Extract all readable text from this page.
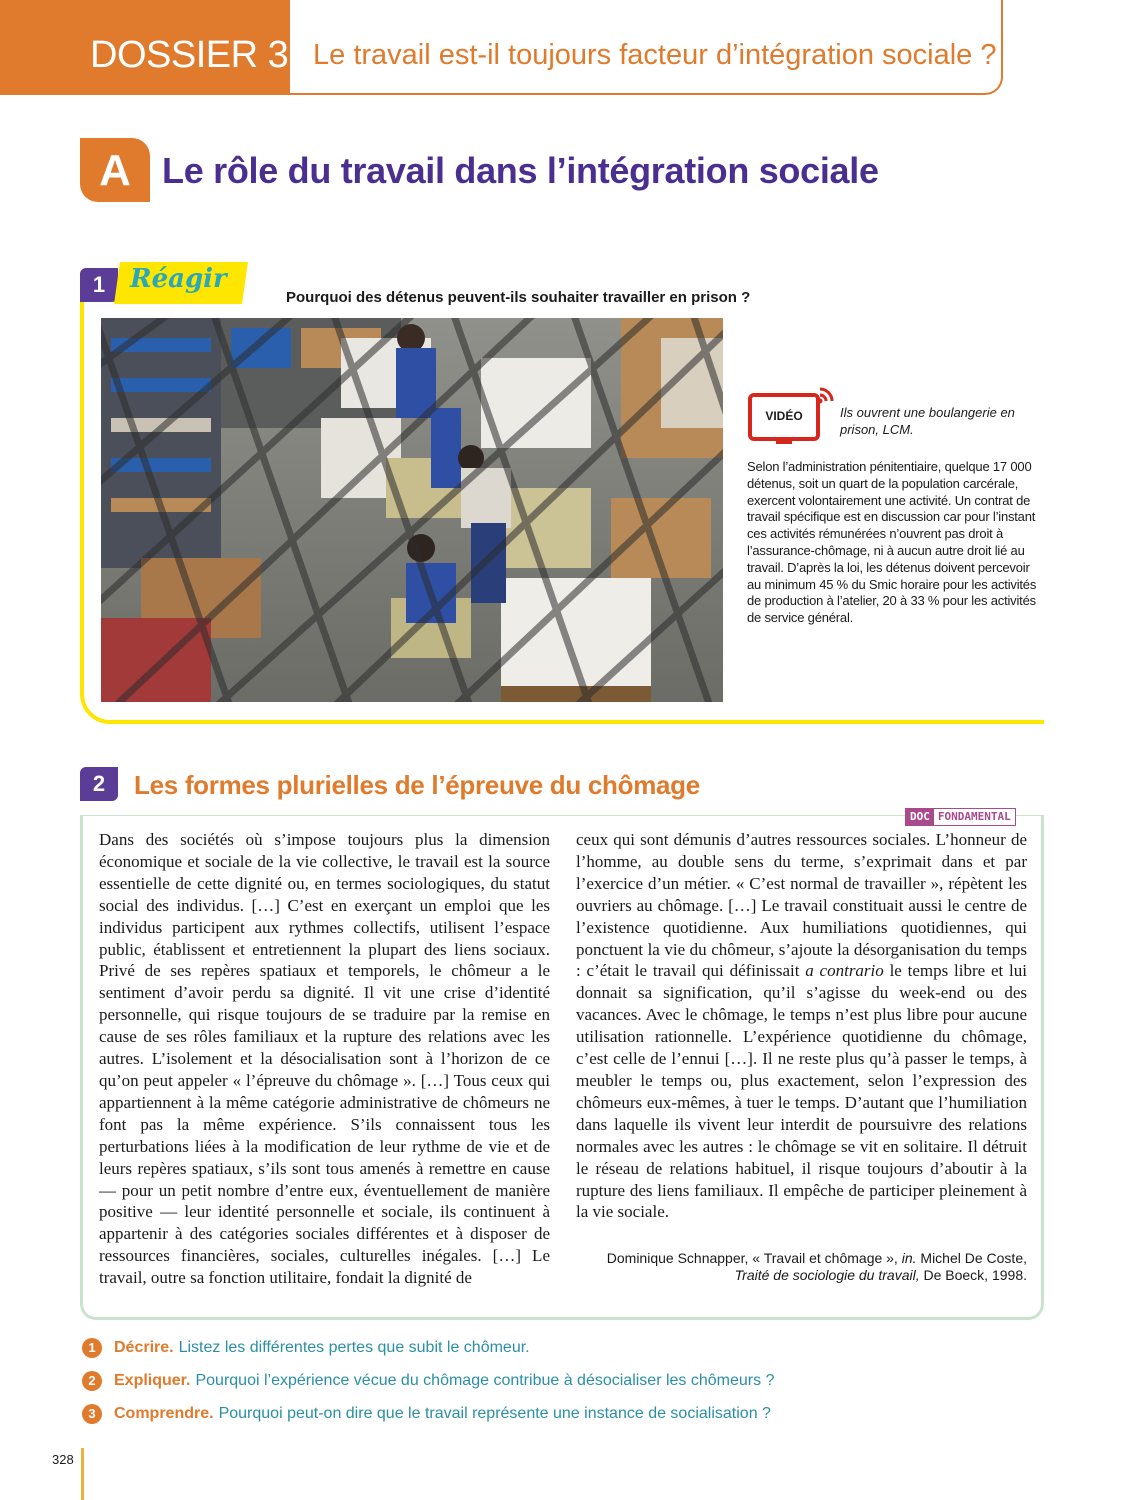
DOSSIER 3 Le travail est-il toujours facteur d’intégration sociale ?
A Le rôle du travail dans l’intégration sociale
1 Réagir
Pourquoi des détenus peuvent-ils souhaiter travailler en prison ?
VIDÉO	Ils ouvrent une boulangerie en prison, LCM.
Selon l’administration pénitentiaire, quelque 17 000 détenus, soit un quart de la population carcérale, exercent volontairement une activité. Un contrat de travail spécifique est en discussion car pour l’instant ces activités rémunérées n’ouvrent pas droit à l’assurance-chômage, ni à aucun autre droit lié au travail. D’après la loi, les détenus doivent percevoir au minimum 45 % du Smic horaire pour les activités de production à l’atelier, 20 à 33 % pour les activités de service général.
2	Les formes plurielles de l’épreuve du chômage
DOC FONDAMENTAL
Dans des sociétés où s’impose toujours plus la dimension économique et sociale de la vie collective, le travail est la source essentielle de cette dignité ou, en termes sociologiques, du statut social des individus. […] C’est en exerçant un emploi que les individus participent aux rythmes collectifs, utilisent l’espace public, établissent et entretiennent la plupart des liens sociaux. Privé de ses repères spatiaux et temporels, le chômeur a le sentiment d’avoir perdu sa dignité. Il vit une crise d’identité personnelle, qui risque toujours de se traduire par la remise en cause de ses rôles familiaux et la rupture des relations avec les autres. L’isolement et la désocialisation sont à l’horizon de ce qu’on peut appeler « l’épreuve du chômage ». […] Tous ceux qui appartiennent à la même catégorie administrative de chômeurs ne font pas la même expérience. S’ils connaissent tous les perturbations liées à la modification de leur rythme de vie et de leurs repères spatiaux, s’ils sont tous amenés à remettre en cause — pour un petit nombre d’entre eux, éventuellement de manière positive — leur identité personnelle et sociale, ils continuent à appartenir à des catégories sociales différentes et à disposer de ressources financières, sociales, culturelles inégales. […] Le travail, outre sa fonction utilitaire, fondait la dignité de
ceux qui sont démunis d’autres ressources sociales. L’honneur de l’homme, au double sens du terme, s’exprimait dans et par l’exercice d’un métier. « C’est normal de travailler », répètent les ouvriers au chômage. […] Le travail constituait aussi le centre de l’existence quotidienne. Aux humiliations quotidiennes, qui ponctuent la vie du chômeur, s’ajoute la désorganisation du temps : c’était le travail qui définissait a contrario le temps libre et lui donnait sa signification, qu’il s’agisse du week-end ou des vacances. Avec le chômage, le temps n’est plus libre pour aucune utilisation rationnelle. L’expérience quotidienne du chômage, c’est celle de l’ennui […]. Il ne reste plus qu’à passer le temps, à meubler le temps ou, plus exactement, selon l’expression des chômeurs eux-mêmes, à tuer le temps. D’autant que l’humiliation dans laquelle ils vivent leur interdit de poursuivre des relations normales avec les autres : le chômage se vit en solitaire. Il détruit le réseau de relations habituel, il risque toujours d’aboutir à la rupture des liens familiaux. Il empêche de participer pleinement à la vie sociale.
Dominique Schnapper, « Travail et chômage », in. Michel De Coste, Traité de sociologie du travail, De Boeck, 1998.
1	Décrire. Listez les différentes pertes que subit le chômeur.
2	Expliquer. Pourquoi l’expérience vécue du chômage contribue à désocialiser les chômeurs ?
3	Comprendre. Pourquoi peut-on dire que le travail représente une instance de socialisation ?
328
